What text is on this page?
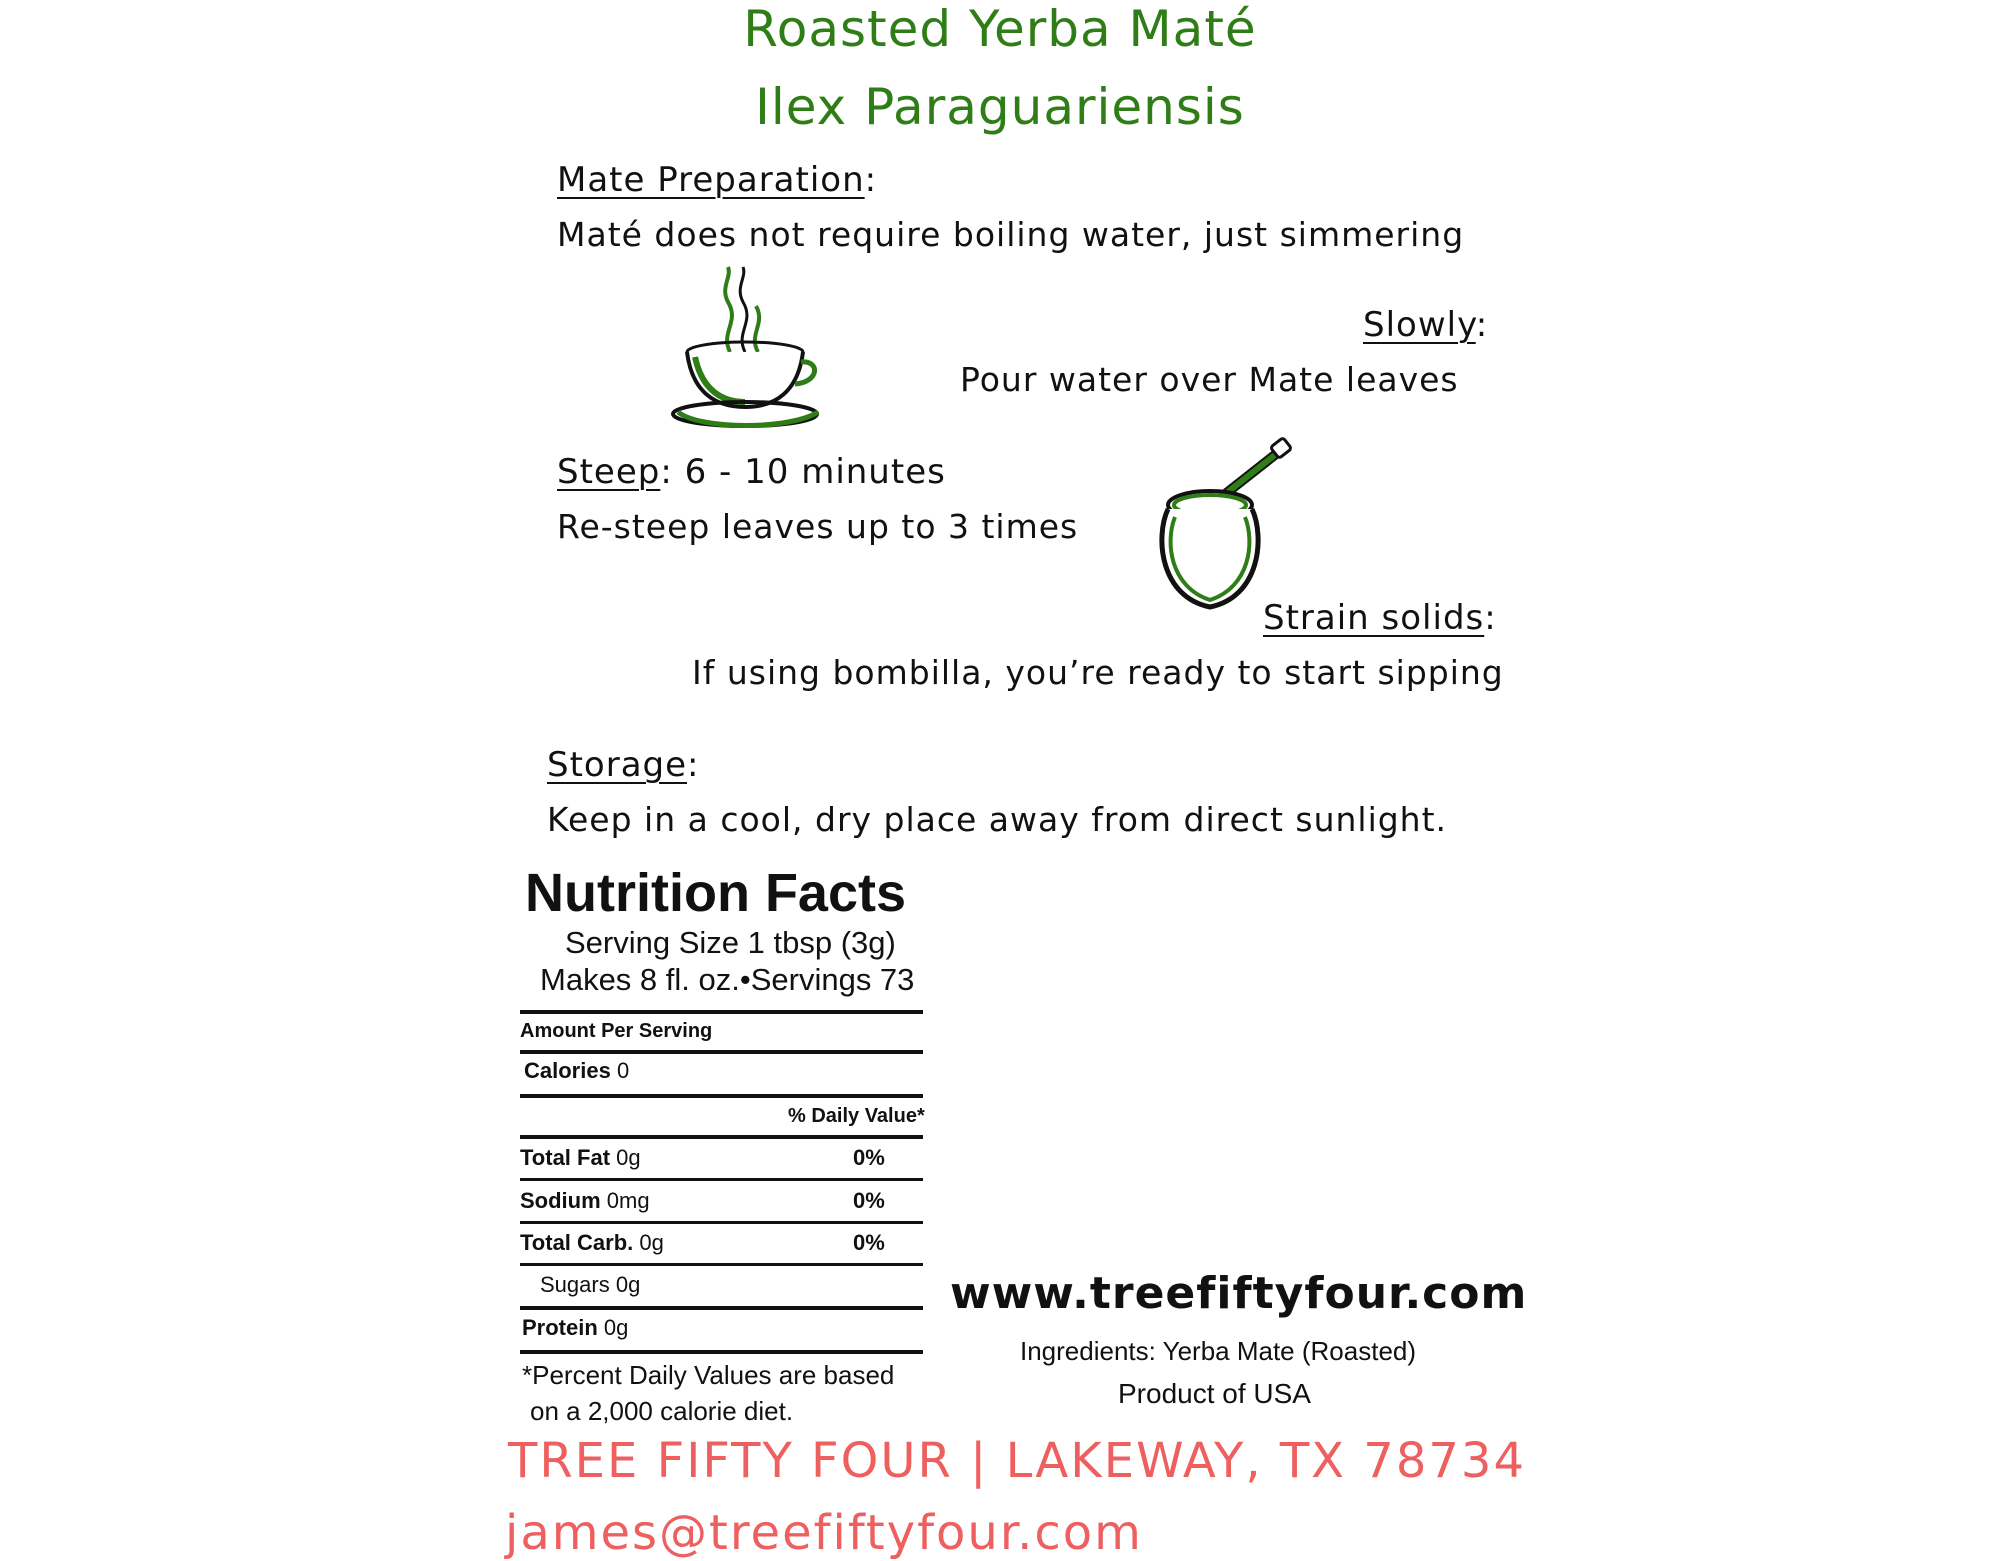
Roasted Yerba Maté
Ilex Paraguariensis
Mate Preparation:
Maté does not require boiling water, just simmering
Slowly:
Pour water over Mate leaves
Steep: 6 - 10 minutes
Re-steep leaves up to 3 times
Strain solids:
If using bombilla, you’re ready to start sipping
Storage:
Keep in a cool, dry place away from direct sunlight.
Nutrition Facts
Serving Size 1 tbsp (3g)
Makes 8 fl. oz.•Servings 73
Amount Per Serving
Calories 0
% Daily Value*
Total Fat 0g	0%
Sodium 0mg	0%
Total Carb. 0g	0%
Sugars 0g
Protein 0g
*Percent Daily Values are based
on a 2,000 calorie diet.
www.treefiftyfour.com
Ingredients: Yerba Mate (Roasted)
Product of USA
TREE FIFTY FOUR | LAKEWAY, TX 78734
james@treefiftyfour.com
